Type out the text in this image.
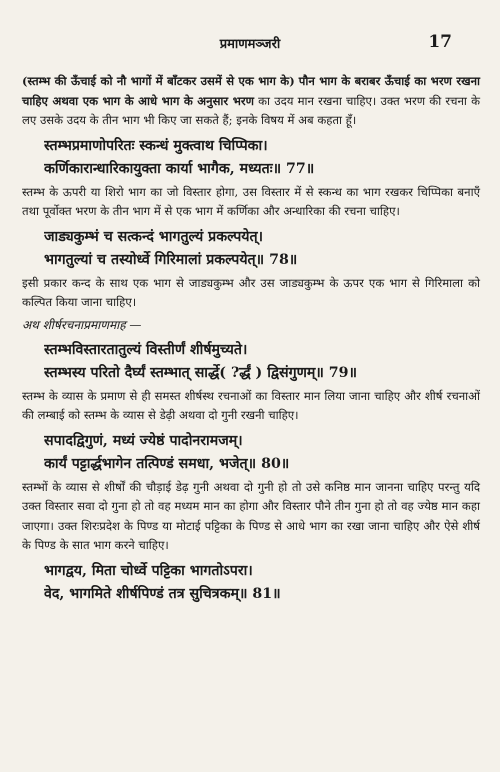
प्रमाणमञ्जरी	17

(स्तम्भ की ऊँचाई को नौ भागों में बाँटकर उसमें से एक भाग के) पौन भाग के बराबर ऊँचाई का भरण रखना चाहिए अथवा एक भाग के आधे भाग के अनुसार भरण का उदय मान रखना चाहिए। उक्त भरण की रचना के लए उसके उदय के तीन भाग भी किए जा सकते हैं; इनके विषय में अब कहता हूँ।

स्तम्भप्रमाणोपरितः स्कन्धं मुक्त्वाथ चिप्पिका।
कर्णिकारान्धारिकायुक्ता कार्या भागैक, मध्यतः॥ 77॥

स्तम्भ के ऊपरी या शिरो भाग का जो विस्तार होगा, उस विस्तार में से स्कन्ध का भाग रखकर चिप्पिका बनाएँ तथा पूर्वोक्त भरण के तीन भाग में से एक भाग में कर्णिका और अन्धारिका की रचना चाहिए।

जाड्यकुम्भं च सत्कन्दं भागतुल्यं प्रकल्पयेत्।
भागतुल्यां च तस्योर्ध्वे गिरिमालां प्रकल्पयेत्॥ 78॥

इसी प्रकार कन्द के साथ एक भाग से जाड्यकुम्भ और उस जाड्यकुम्भ के ऊपर एक भाग से गिरिमाला को कल्पित किया जाना चाहिए।

अथ शीर्षरचनाप्रमाणमाह —

स्तम्भविस्तारतातुल्यं विस्तीर्णं शीर्षमुच्यते।
स्तम्भस्य परितो दैर्घ्यं स्तम्भात् सार्द्धे( ?र्द्धं ) द्विसंगुणम्॥ 79॥

स्तम्भ के व्यास के प्रमाण से ही समस्त शीर्षस्थ रचनाओं का विस्तार मान लिया जाना चाहिए और शीर्ष रचनाओं की लम्बाई को स्तम्भ के व्यास से डेढ़ी अथवा दो गुनी रखनी चाहिए।

सपादद्विगुणं, मध्यं ज्येष्ठं पादोनरामजम्।
कार्यं पट्टार्द्धभागेन तत्पिण्डं समधा, भजेत्॥ 80॥

स्तम्भों के व्यास से शीर्षों की चौड़ाई डेढ़ गुनी अथवा दो गुनी हो तो उसे कनिष्ठ मान जानना चाहिए परन्तु यदि उक्त विस्तार सवा दो गुना हो तो वह मध्यम मान का होगा और विस्तार पौने तीन गुना हो तो वह ज्येष्ठ मान कहा जाएगा। उक्त शिरःप्रदेश के पिण्ड या मोटाई पट्टिका के पिण्ड से आधे भाग का रखा जाना चाहिए और ऐसे शीर्ष के पिण्ड के सात भाग करने चाहिए।

भागद्वय, मिता चोर्ध्वे पट्टिका भागतोऽपरा।
वेद, भागमिते शीर्षपिण्डं तत्र सुचित्रकम्॥ 81॥
